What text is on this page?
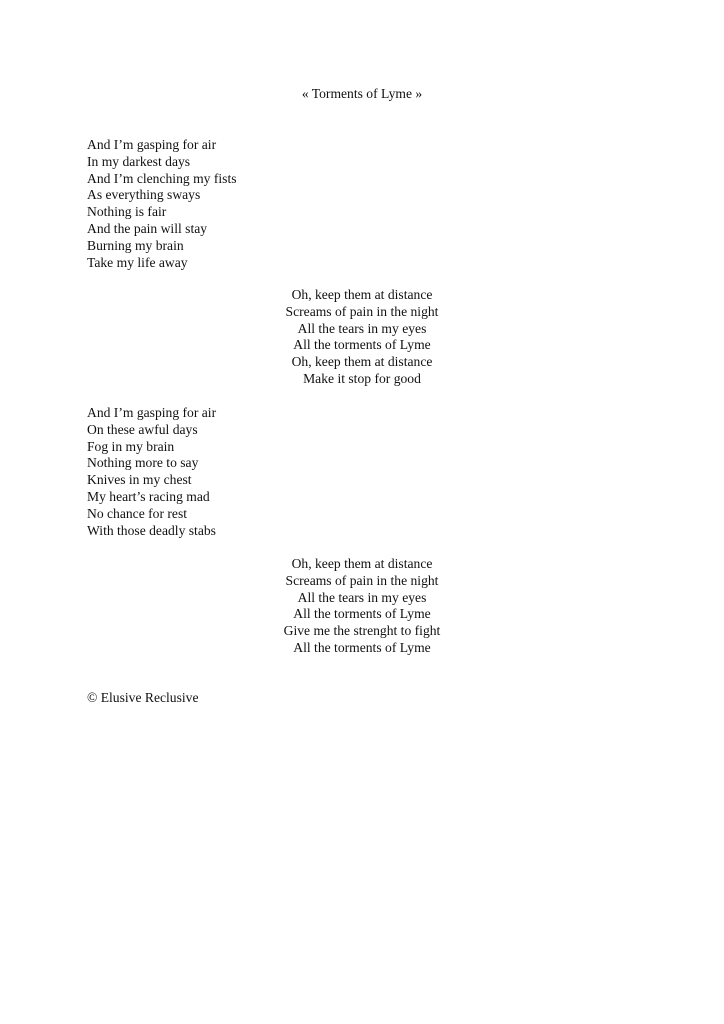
« Torments of Lyme »
And I’m gasping for air
In my darkest days
And I’m clenching my fists
As everything sways
Nothing is fair
And the pain will stay
Burning my brain
Take my life away
Oh, keep them at distance
Screams of pain in the night
All the tears in my eyes
All the torments of Lyme
Oh, keep them at distance
Make it stop for good
And I’m gasping for air
On these awful days
Fog in my brain
Nothing more to say
Knives in my chest
My heart’s racing mad
No chance for rest
With those deadly stabs
Oh, keep them at distance
Screams of pain in the night
All the tears in my eyes
All the torments of Lyme
Give me the strenght to fight
All the torments of Lyme
© Elusive Reclusive
